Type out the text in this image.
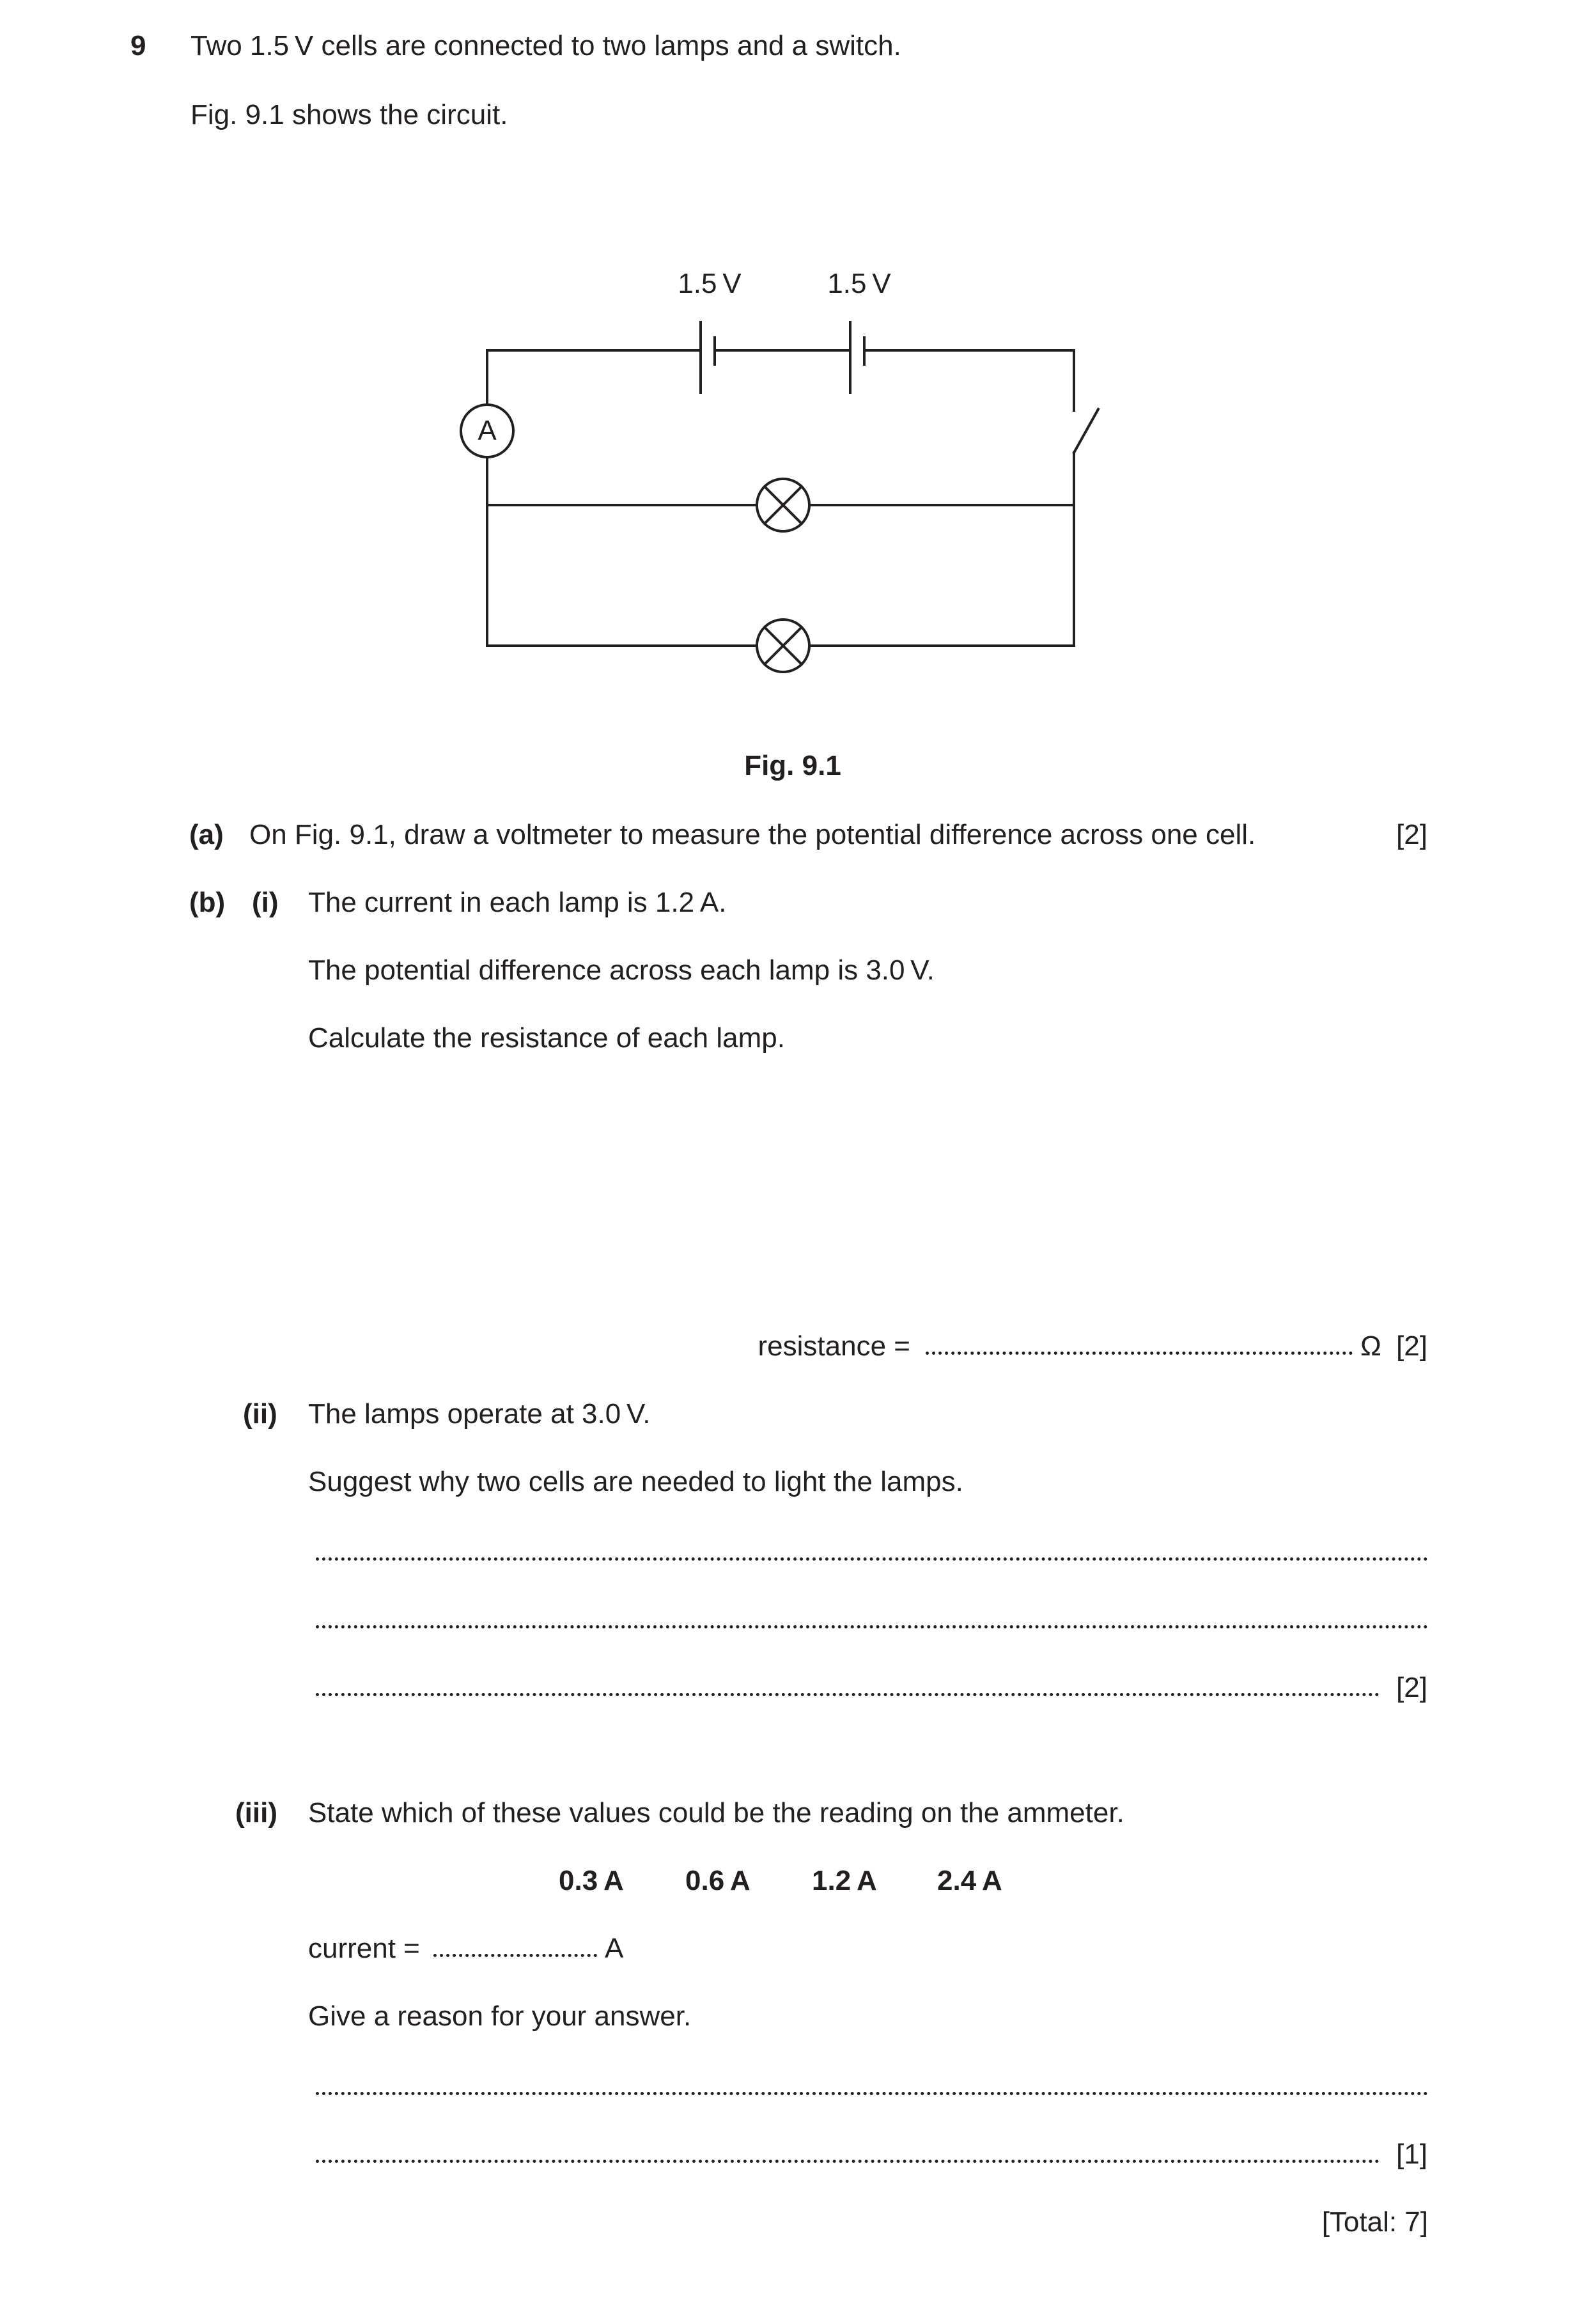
9 Two 1.5 V cells are connected to two lamps and a switch.
Fig. 9.1 shows the circuit.
1.5 V	1.5 V
A
Fig. 9.1
(a) On Fig. 9.1, draw a voltmeter to measure the potential difference across one cell.	[2]
(b) (i) The current in each lamp is 1.2 A.
The potential difference across each lamp is 3.0 V.
Calculate the resistance of each lamp.
resistance =	Ω [2]
(ii) The lamps operate at 3.0 V.
Suggest why two cells are needed to light the lamps.
[2]
(iii) State which of these values could be the reading on the ammeter.
0.3 A 0.6 A 1.2 A 2.4 A
current =	A
Give a reason for your answer.
[1]
[Total: 7]
